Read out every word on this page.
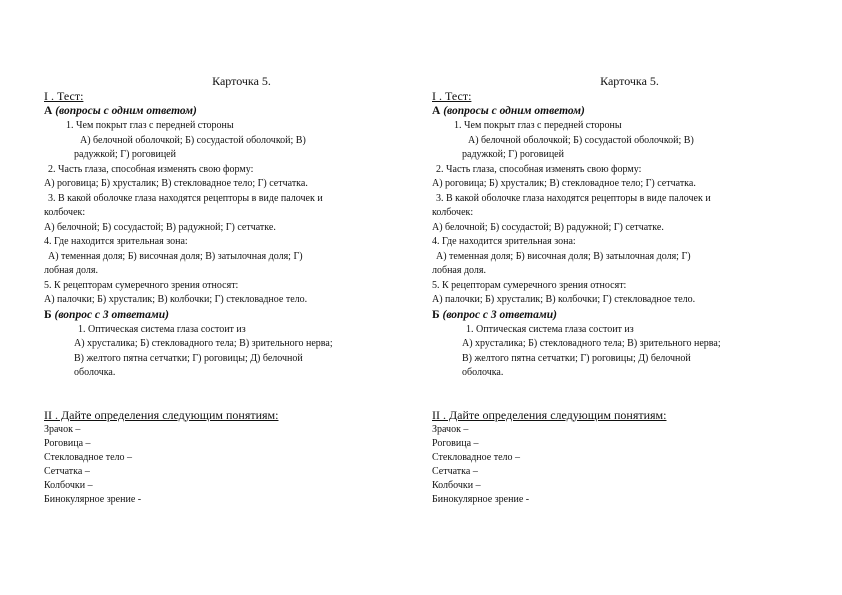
Карточка 5.
I . Тест:
А (вопросы с одним ответом)
1. Чем покрыт глаз с передней стороны
А) белочной оболочкой; Б) сосудастой оболочкой; В)
радужкой; Г) роговицей
2. Часть глаза, способная изменять свою форму:
А) роговица; Б) хрусталик; В) стекловадное тело; Г) сетчатка.
3. В какой оболочке глаза находятся рецепторы в виде палочек и
колбочек:
А) белочной; Б) сосудастой; В) радужной; Г) сетчатке.
4. Где находится зрительная зона:
А) теменная доля; Б) височная доля; В) затылочная доля; Г)
лобная доля.
5. К рецепторам сумеречного зрения относят:
А) палочки; Б) хрусталик; В) колбочки; Г) стекловадное тело.
Б (вопрос с 3 ответами)
1. Оптическая система глаза состоит из
А) хрусталика; Б) стекловадного тела; В) зрительного нерва;
В) желтого пятна сетчатки; Г) роговицы; Д) белочной
оболочка.
II . Дайте определения следующим понятиям:
Зрачок –
Роговица –
Стекловадное тело –
Сетчатка –
Колбочки –
Бинокулярное зрение -
Карточка 5.
I . Тест:
А (вопросы с одним ответом)
1. Чем покрыт глаз с передней стороны
А) белочной оболочкой; Б) сосудастой оболочкой; В)
радужкой; Г) роговицей
2. Часть глаза, способная изменять свою форму:
А) роговица; Б) хрусталик; В) стекловадное тело; Г) сетчатка.
3. В какой оболочке глаза находятся рецепторы в виде палочек и
колбочек:
А) белочной; Б) сосудастой; В) радужной; Г) сетчатке.
4. Где находится зрительная зона:
А) теменная доля; Б) височная доля; В) затылочная доля; Г)
лобная доля.
5. К рецепторам сумеречного зрения относят:
А) палочки; Б) хрусталик; В) колбочки; Г) стекловадное тело.
Б (вопрос с 3 ответами)
1. Оптическая система глаза состоит из
А) хрусталика; Б) стекловадного тела; В) зрительного нерва;
В) желтого пятна сетчатки; Г) роговицы; Д) белочной
оболочка.
II . Дайте определения следующим понятиям:
Зрачок –
Роговица –
Стекловадное тело –
Сетчатка –
Колбочки –
Бинокулярное зрение -
